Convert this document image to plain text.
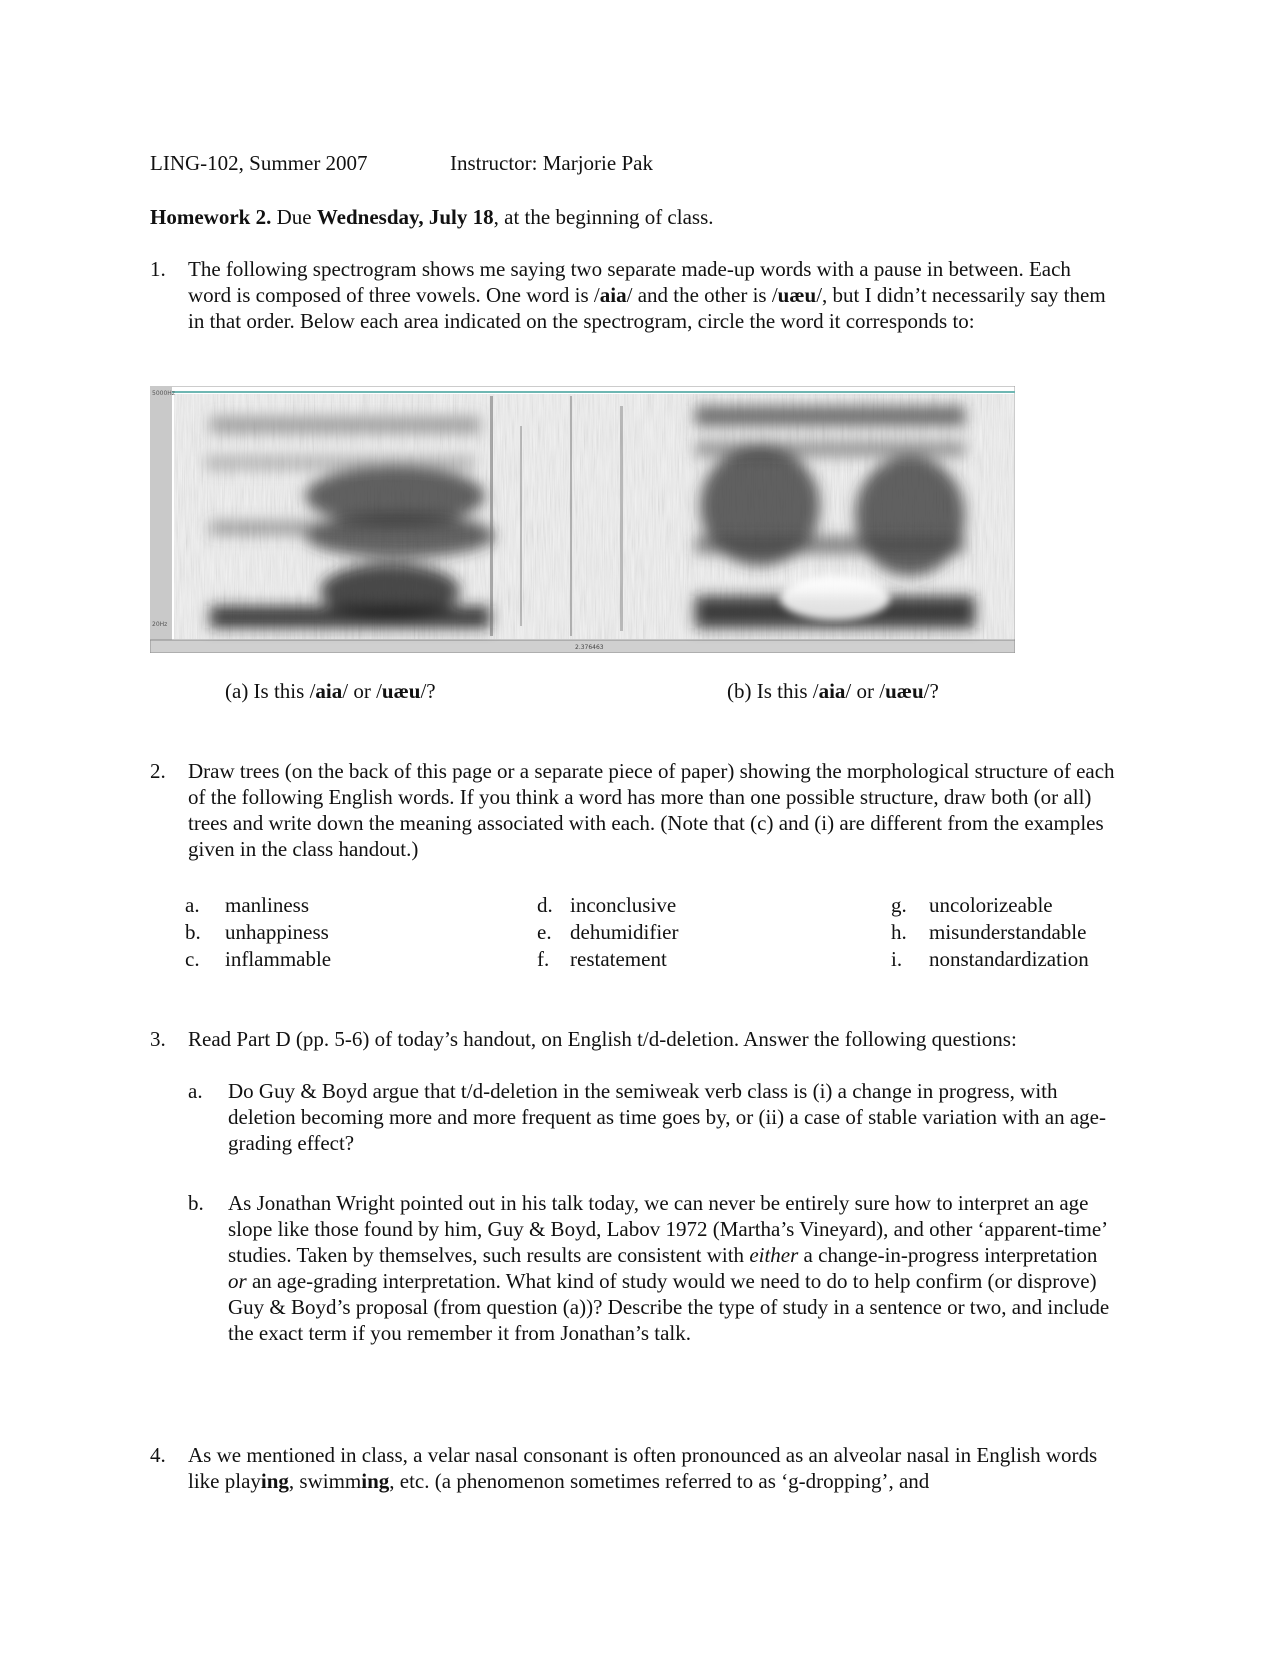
LING-102, Summer 2007	Instructor: Marjorie Pak
Homework 2. Due Wednesday, July 18, at the beginning of class.
1.	The following spectrogram shows me saying two separate made-up words with a pause in between. Each word is composed of three vowels. One word is /aia/ and the other is /uæu/, but I didn’t necessarily say them in that order. Below each area indicated on the spectrogram, circle the word it corresponds to:
5000Hz
20Hz
2.376463
(a) Is this /aia/ or /uæu/?	(b) Is this /aia/ or /uæu/?
2.	Draw trees (on the back of this page or a separate piece of paper) showing the morphological structure of each of the following English words. If you think a word has more than one possible structure, draw both (or all) trees and write down the meaning associated with each. (Note that (c) and (i) are different from the examples given in the class handout.)
a. manliness
b. unhappiness
c. inflammable
d. inconclusive
e. dehumidifier
f. restatement
g. uncolorizeable
h. misunderstandable
i. nonstandardization
3.	Read Part D (pp. 5-6) of today’s handout, on English t/d-deletion. Answer the following questions:
a. Do Guy & Boyd argue that t/d-deletion in the semiweak verb class is (i) a change in progress, with deletion becoming more and more frequent as time goes by, or (ii) a case of stable variation with an age-grading effect?
b. As Jonathan Wright pointed out in his talk today, we can never be entirely sure how to interpret an age slope like those found by him, Guy & Boyd, Labov 1972 (Martha’s Vineyard), and other ‘apparent-time’ studies. Taken by themselves, such results are consistent with either a change-in-progress interpretation or an age-grading interpretation. What kind of study would we need to do to help confirm (or disprove) Guy & Boyd’s proposal (from question (a))? Describe the type of study in a sentence or two, and include the exact term if you remember it from Jonathan’s talk.
4.	As we mentioned in class, a velar nasal consonant is often pronounced as an alveolar nasal in English words like playing, swimming, etc. (a phenomenon sometimes referred to as ‘g-dropping’, and
